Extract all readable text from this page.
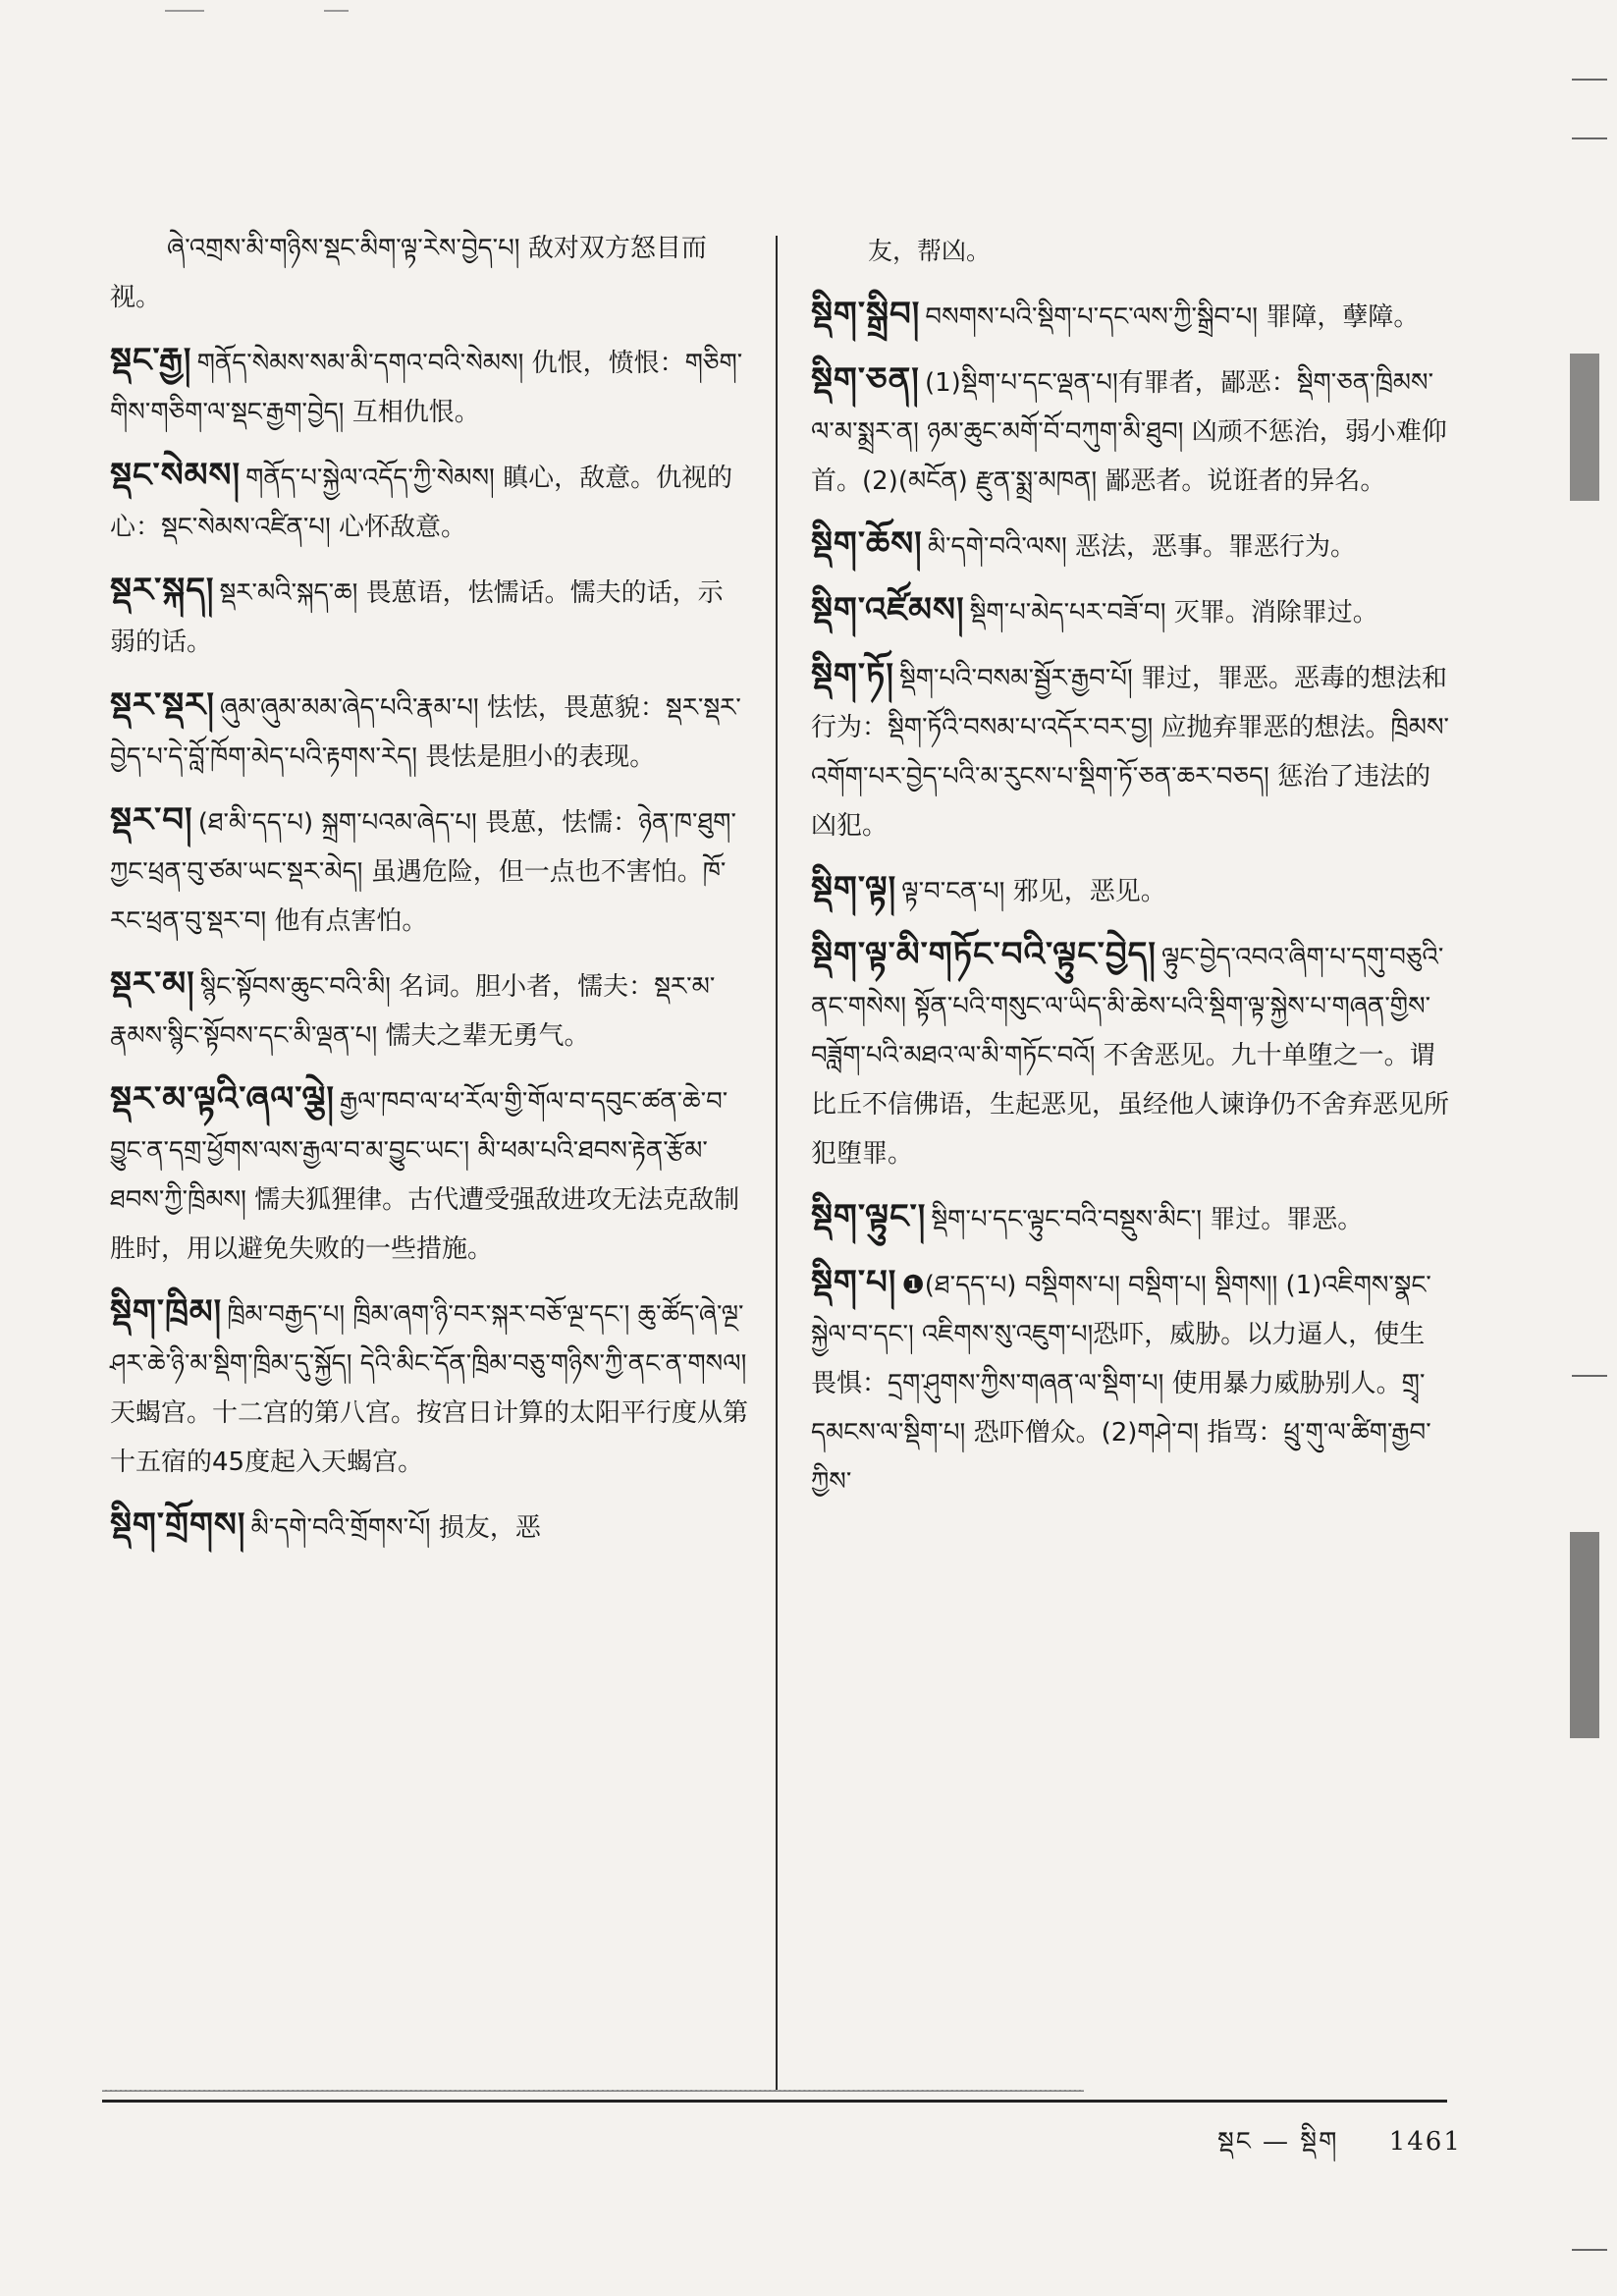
ཞེ་འགྲས་མི་གཉིས་སྡང་མིག་ལྟ་རེས་བྱེད་པ། 敌对双方怒目而视。
སྡང་རྒྱ། གནོད་སེམས་སམ་མི་དགའ་བའི་སེམས། 仇恨，愤恨：གཅིག་གིས་གཅིག་ལ་སྡང་རྒྱག་བྱེད། 互相仇恨。
སྡང་སེམས། གནོད་པ་སྐྱེལ་འདོད་ཀྱི་སེམས། 瞋心，敌意。仇视的心：སྡང་སེམས་འཛིན་པ། 心怀敌意。
སྡར་སྐད། སྡར་མའི་སྐད་ཆ། 畏葸语，怯懦话。懦夫的话，示弱的话。
སྡར་སྡར། ཞུམ་ཞུམ་མམ་ཞེད་པའི་རྣམ་པ། 怯怯，畏葸貌：སྡར་སྡར་བྱེད་པ་དེ་བློ་ཁོག་མེད་པའི་རྟགས་རེད། 畏怯是胆小的表现。
སྡར་བ། (ཐ་མི་དད་པ) སྐྲག་པའམ་ཞེད་པ། 畏葸，怯懦：ཉེན་ཁ་ཐུག་ཀྱང་ཕྲན་བུ་ཙམ་ཡང་སྡར་མེད། 虽遇危险，但一点也不害怕。ཁོ་རང་ཕྲན་བུ་སྡར་བ། 他有点害怕。
སྡར་མ། སྙིང་སྟོབས་ཆུང་བའི་མི། 名词。胆小者，懦夫：སྡར་མ་རྣམས་སྙིང་སྟོབས་དང་མི་ལྡན་པ། 懦夫之辈无勇气。
སྡར་མ་ལྟའི་ཞལ་ལྕེ། རྒྱལ་ཁབ་ལ་ཕ་རོལ་གྱི་གོལ་བ་དབུང་ཚན་ཆེ་བ་བྱུང་ན་དགྲ་ཕྱོགས་ལས་རྒྱལ་བ་མ་བྱུང་ཡང་། མི་ཕམ་པའི་ཐབས་རྟེན་རྩོམ་ཐབས་ཀྱི་ཁྲིམས། 懦夫狐狸律。古代遭受强敌进攻无法克敌制胜时，用以避免失败的一些措施。
སྡིག་ཁྲིམ། ཁྲིམ་བརྒྱད་པ། ཁྲིམ་ཞག་ཉི་བར་སྐར་བཅོ་ལྔ་དང་། ཆུ་ཚོད་ཞེ་ལྔ་ཤར་ཆེ་ཉི་མ་སྡིག་ཁྲིམ་དུ་སྐྱོད། དེའི་མིང་དོན་ཁྲིམ་བཅུ་གཉིས་ཀྱི་ནང་ན་གསལ། 天蝎宫。十二宫的第八宫。按宫日计算的太阳平行度从第十五宿的45度起入天蝎宫。
སྡིག་གྲོགས། མི་དགེ་བའི་གྲོགས་པོ། 损友，恶
友，帮凶。
སྡིག་སྒྲིབ། བསགས་པའི་སྡིག་པ་དང་ལས་ཀྱི་སྒྲིབ་པ། 罪障，孽障。
སྡིག་ཅན། (1)སྡིག་པ་དང་ལྡན་པ།有罪者，鄙恶：སྡིག་ཅན་ཁྲིམས་ལ་མ་སྨྲར་ན། ཉམ་ཆུང་མགོ་བོ་བཀུག་མི་ཐུབ། 凶顽不惩治，弱小难仰首。(2)(མངོན) རྫུན་སྨྲ་མཁན། 鄙恶者。说诳者的异名。
སྡིག་ཆོས། མི་དགེ་བའི་ལས། 恶法，恶事。罪恶行为。
སྡིག་འཛོམས། སྡིག་པ་མེད་པར་བཟོ་བ། 灭罪。消除罪过。
སྡིག་ཏོ། སྡིག་པའི་བསམ་སྦྱོར་རྒྱབ་པོ། 罪过，罪恶。恶毒的想法和行为：སྡིག་ཏོའི་བསམ་པ་འདོར་བར་བྱ། 应抛弃罪恶的想法。ཁྲིམས་འགོག་པར་བྱེད་པའི་མ་རུངས་པ་སྡིག་ཏོ་ཅན་ཆར་བཅད། 惩治了违法的凶犯。
སྡིག་ལྟ། ལྟ་བ་ངན་པ། 邪见，恶见。
སྡིག་ལྟ་མི་གཏོང་བའི་ལྟུང་བྱེད། ལྟུང་བྱེད་འབའ་ཞིག་པ་དགུ་བཅུའི་ནང་གསེས། སྟོན་པའི་གསུང་ལ་ཡིད་མི་ཆེས་པའི་སྡིག་ལྟ་སྐྱེས་པ་གཞན་གྱིས་བཟློག་པའི་མཐའ་ལ་མི་གཏོང་བའོ། 不舍恶见。九十单堕之一。谓比丘不信佛语，生起恶见，虽经他人谏诤仍不舍弃恶见所犯堕罪。
སྡིག་ལྟུང་། སྡིག་པ་དང་ལྟུང་བའི་བསྡུས་མིང་། 罪过。罪恶。
སྡིག་པ། ❶(ཐ་དད་པ) བསྡིགས་པ། བསྡིག་པ། སྡིགས།། (1)འཇིགས་སྣང་སྐྱེལ་བ་དང་། འཇིགས་སུ་འཇུག་པ།恐吓，威胁。以力逼人，使生畏惧：དྲག་ཤུགས་ཀྱིས་གཞན་ལ་སྡིག་པ། 使用暴力威胁别人。གྲྭ་དམངས་ལ་སྡིག་པ། 恐吓僧众。(2)གཤེ་བ། 指骂：ཕྲུ་གུ་ལ་ཚིག་རྒྱབ་ཀྱིས་
སྡང — སྡིག 1461
